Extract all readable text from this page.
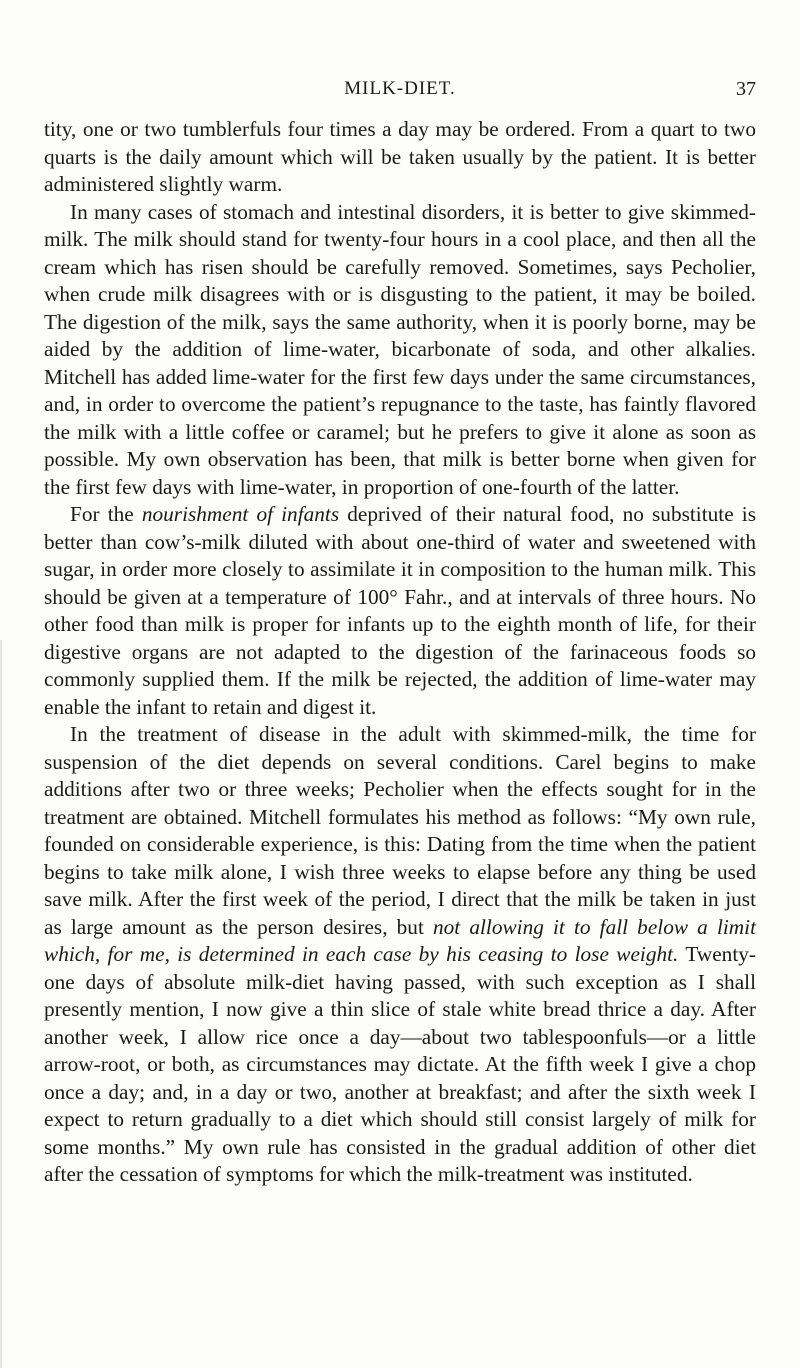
MILK-DIET.	37

tity, one or two tumblerfuls four times a day may be ordered. From a quart to two quarts is the daily amount which will be taken usually by the patient. It is better administered slightly warm.

In many cases of stomach and intestinal disorders, it is better to give skimmed-milk. The milk should stand for twenty-four hours in a cool place, and then all the cream which has risen should be carefully removed. Sometimes, says Pecholier, when crude milk disagrees with or is disgusting to the patient, it may be boiled. The digestion of the milk, says the same authority, when it is poorly borne, may be aided by the addition of lime-water, bicarbonate of soda, and other alkalies. Mitchell has added lime-water for the first few days under the same circumstances, and, in order to overcome the patient’s repugnance to the taste, has faintly flavored the milk with a little coffee or caramel; but he prefers to give it alone as soon as possible. My own observation has been, that milk is better borne when given for the first few days with lime-water, in proportion of one-fourth of the latter.

For the nourishment of infants deprived of their natural food, no substitute is better than cow’s-milk diluted with about one-third of water and sweetened with sugar, in order more closely to assimilate it in composition to the human milk. This should be given at a temperature of 100° Fahr., and at intervals of three hours. No other food than milk is proper for infants up to the eighth month of life, for their digestive organs are not adapted to the digestion of the farinaceous foods so commonly supplied them. If the milk be rejected, the addition of lime-water may enable the infant to retain and digest it.

In the treatment of disease in the adult with skimmed-milk, the time for suspension of the diet depends on several conditions. Carel begins to make additions after two or three weeks; Pecholier when the effects sought for in the treatment are obtained. Mitchell formulates his method as follows: “My own rule, founded on considerable experience, is this: Dating from the time when the patient begins to take milk alone, I wish three weeks to elapse before any thing be used save milk. After the first week of the period, I direct that the milk be taken in just as large amount as the person desires, but not allowing it to fall below a limit which, for me, is determined in each case by his ceasing to lose weight. Twenty-one days of absolute milk-diet having passed, with such exception as I shall presently mention, I now give a thin slice of stale white bread thrice a day. After another week, I allow rice once a day—about two tablespoonfuls—or a little arrow-root, or both, as circumstances may dictate. At the fifth week I give a chop once a day; and, in a day or two, another at breakfast; and after the sixth week I expect to return gradually to a diet which should still consist largely of milk for some months.” My own rule has consisted in the gradual addition of other diet after the cessation of symptoms for which the milk-treatment was instituted.
